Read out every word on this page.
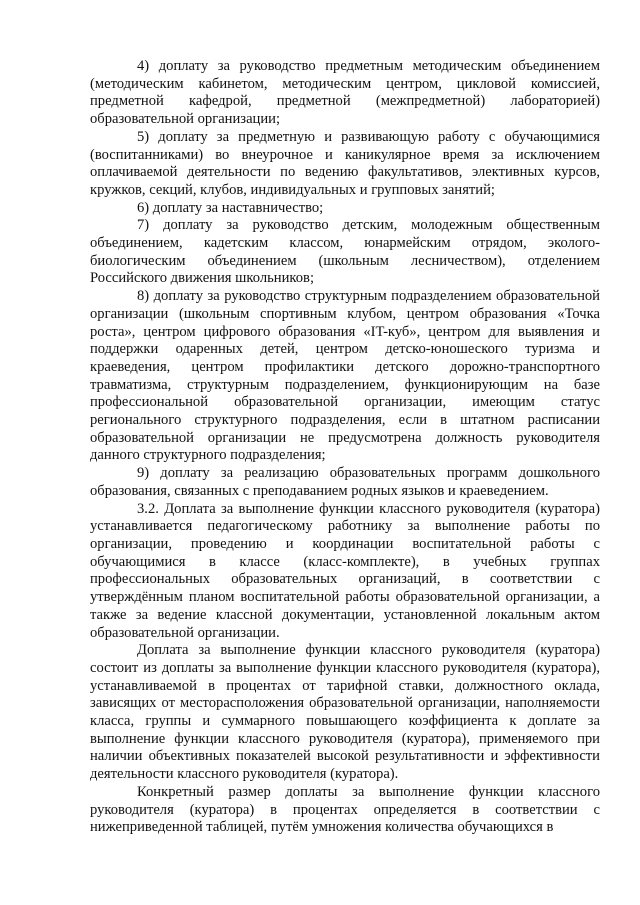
4) доплату за руководство предметным методическим объединением (методическим кабинетом, методическим центром, цикловой комиссией, предметной кафедрой, предметной (межпредметной) лабораторией) образовательной организации;

5) доплату за предметную и развивающую работу с обучающимися (воспитанниками) во внеурочное и каникулярное время за исключением оплачиваемой деятельности по ведению факультативов, элективных курсов, кружков, секций, клубов, индивидуальных и групповых занятий;

6) доплату за наставничество;

7) доплату за руководство детским, молодежным общественным объединением, кадетским классом, юнармейским отрядом, эколого-биологическим объединением (школьным лесничеством), отделением Российского движения школьников;

8) доплату за руководство структурным подразделением образовательной организации (школьным спортивным клубом, центром образования «Точка роста», центром цифрового образования «IT-куб», центром для выявления и поддержки одаренных детей, центром детско-юношеского туризма и краеведения, центром профилактики детского дорожно-транспортного травматизма, структурным подразделением, функционирующим на базе профессиональной образовательной организации, имеющим статус регионального структурного подразделения, если в штатном расписании образовательной организации не предусмотрена должность руководителя данного структурного подразделения;

9) доплату за реализацию образовательных программ дошкольного образования, связанных с преподаванием родных языков и краеведением.

3.2. Доплата за выполнение функции классного руководителя (куратора) устанавливается педагогическому работнику за выполнение работы по организации, проведению и координации воспитательной работы с обучающимися в классе (класс-комплекте), в учебных группах профессиональных образовательных организаций, в соответствии с утверждённым планом воспитательной работы образовательной организации, а также за ведение классной документации, установленной локальным актом образовательной организации.

Доплата за выполнение функции классного руководителя (куратора) состоит из доплаты за выполнение функции классного руководителя (куратора), устанавливаемой в процентах от тарифной ставки, должностного оклада, зависящих от месторасположения образовательной организации, наполняемости класса, группы и суммарного повышающего коэффициента к доплате за выполнение функции классного руководителя (куратора), применяемого при наличии объективных показателей высокой результативности и эффективности деятельности классного руководителя (куратора).

Конкретный размер доплаты за выполнение функции классного руководителя (куратора) в процентах определяется в соответствии с нижеприведенной таблицей, путём умножения количества обучающихся в
